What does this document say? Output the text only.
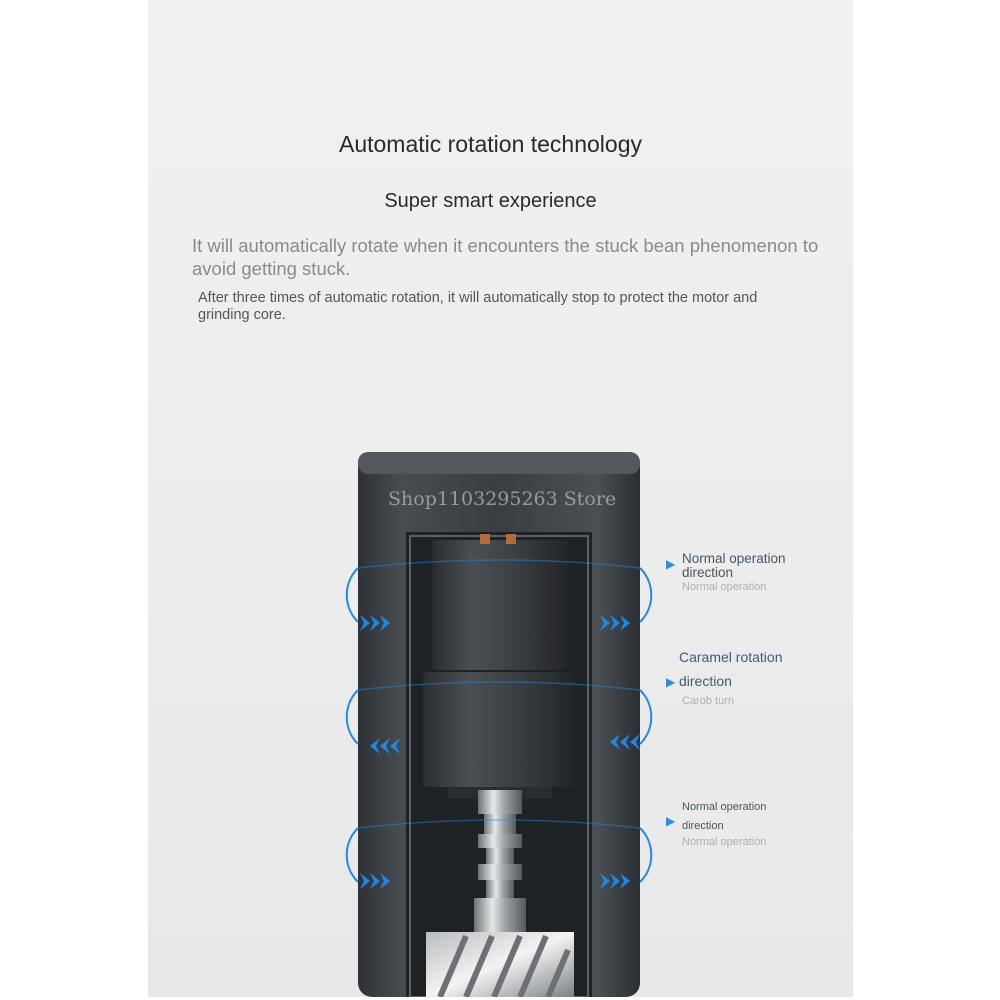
Automatic rotation technology
Super smart experience
It will automatically rotate when it encounters the stuck bean phenomenon to
avoid getting stuck.
After three times of automatic rotation, it will automatically stop to protect the motor and
grinding core.
Shop1103295263 Store
▶ Normal operation
direction
Normal operation
Caramel rotation
▶ direction
Carob turn
Normal operation
▶ direction
Normal operation
